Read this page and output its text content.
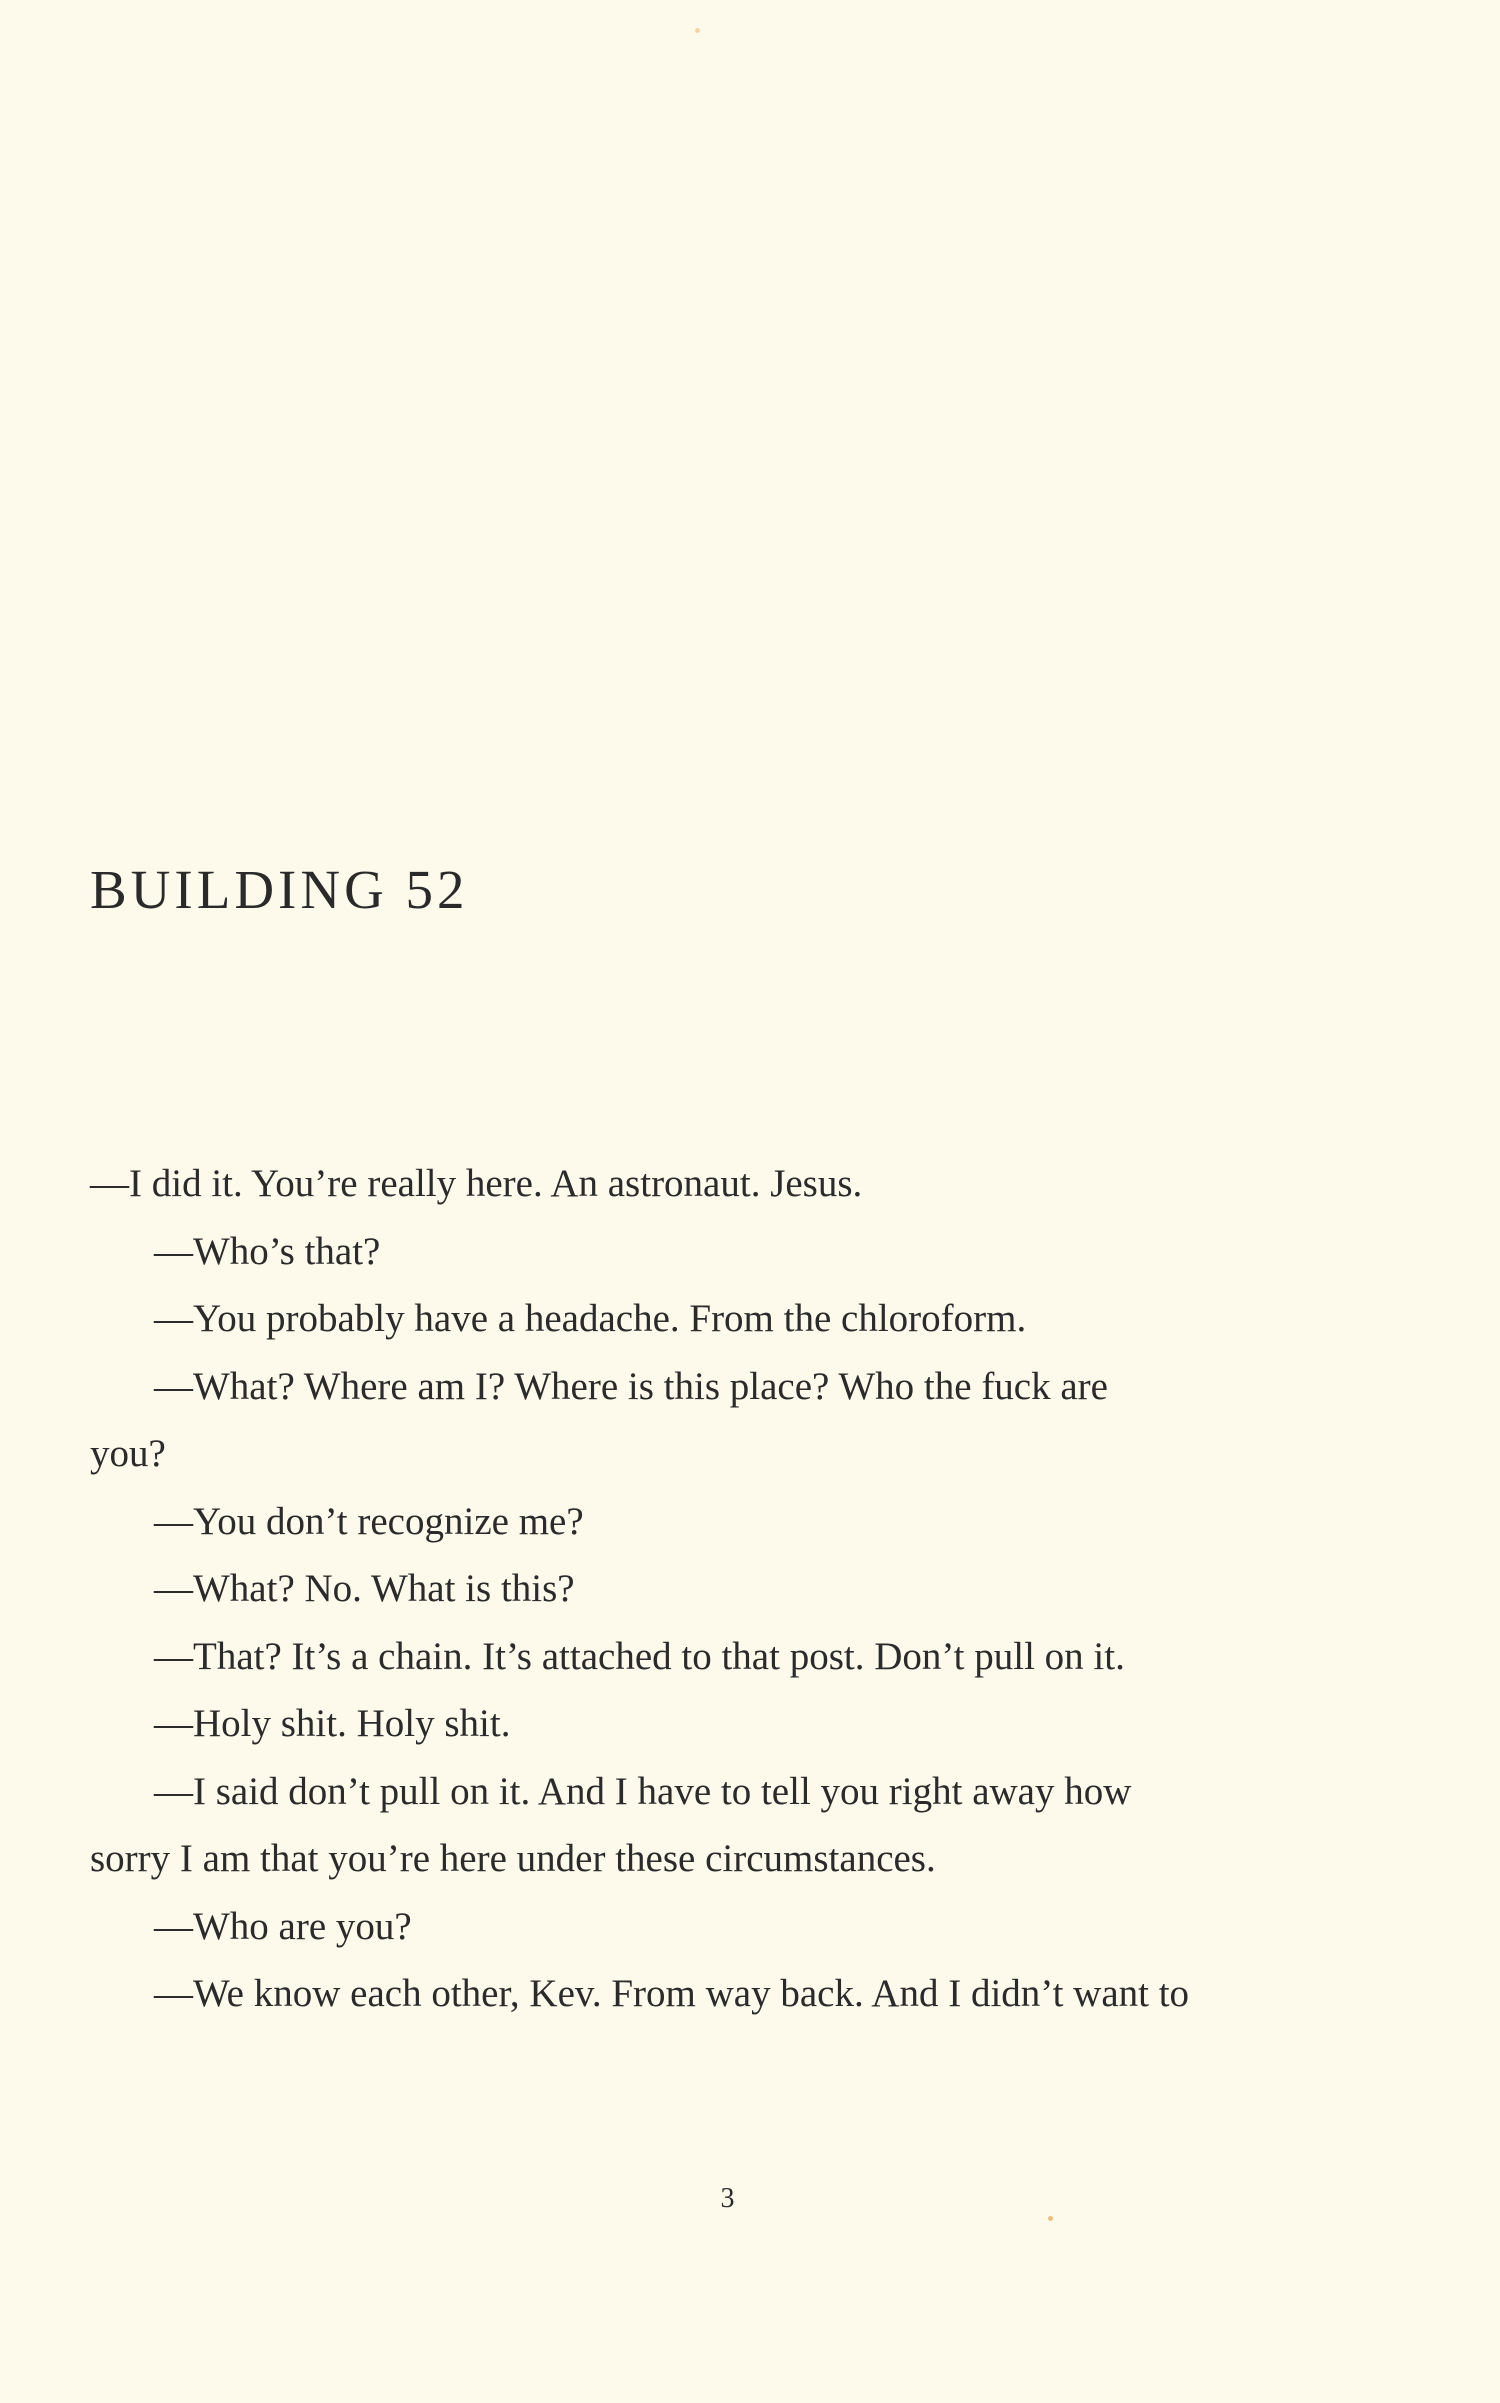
BUILDING 52

—I did it. You’re really here. An astronaut. Jesus.

—Who’s that?

—You probably have a headache. From the chloroform.

—What? Where am I? Where is this place? Who the fuck are

you?

—You don’t recognize me?

—What? No. What is this?

—That? It’s a chain. It’s attached to that post. Don’t pull on it.

—Holy shit. Holy shit.

—I said don’t pull on it. And I have to tell you right away how

sorry I am that you’re here under these circumstances.

—Who are you?

—We know each other, Kev. From way back. And I didn’t want to

3
